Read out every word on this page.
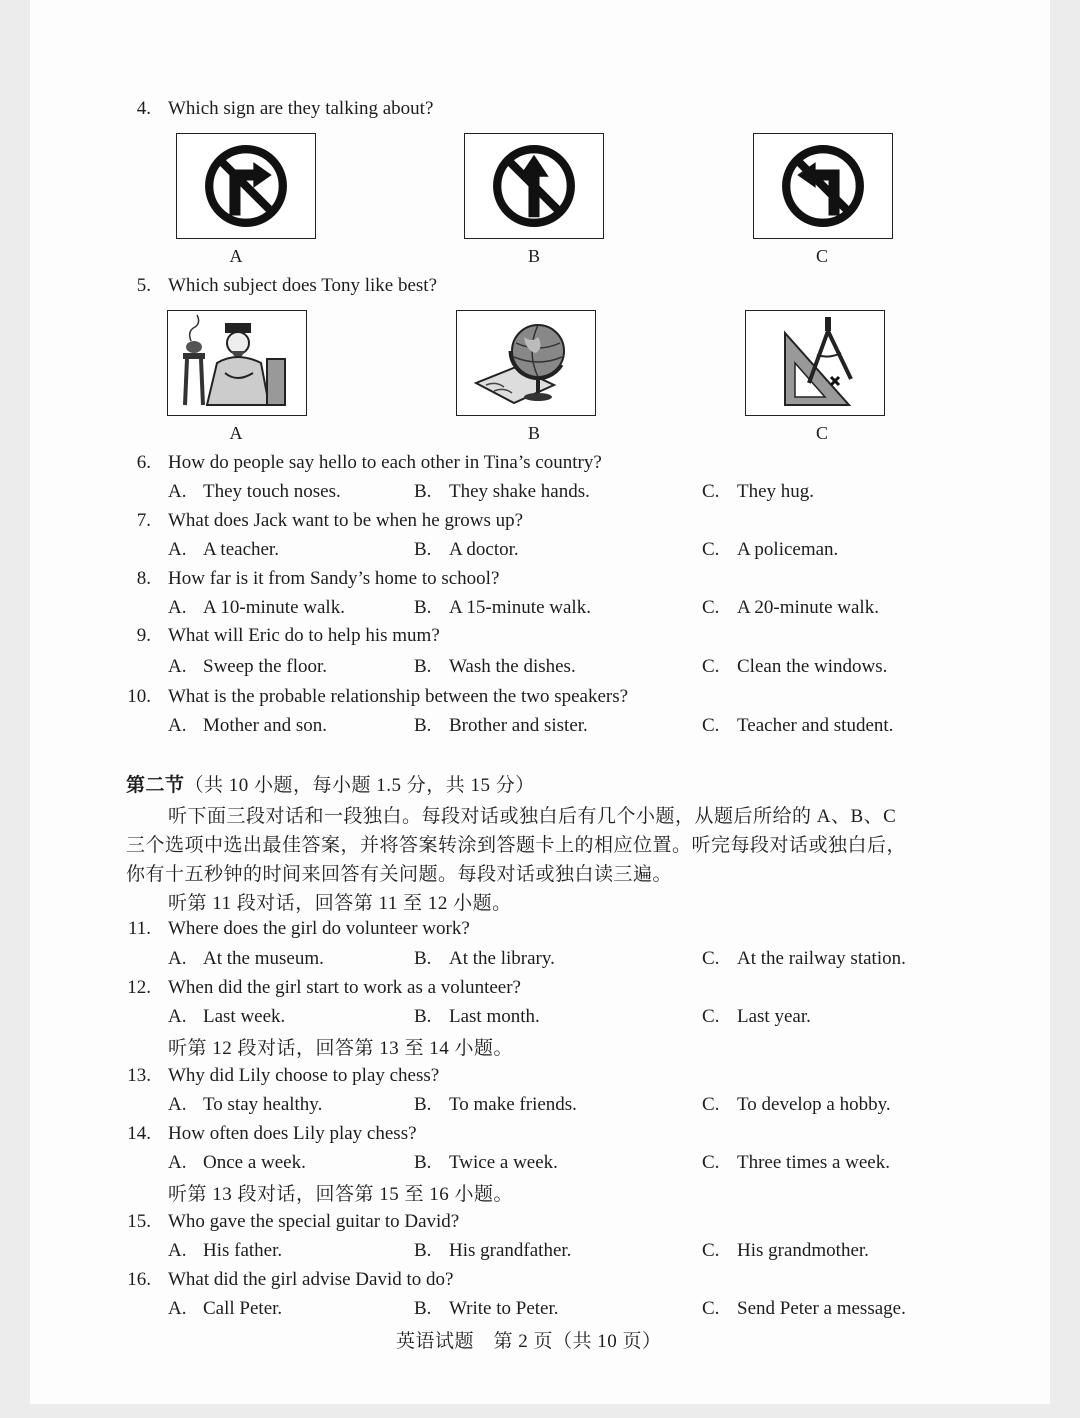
4. Which sign are they talking about?
A	B	C
5. Which subject does Tony like best?
A	B	C
6. How do people say hello to each other in Tina’s country?
A. They touch noses.	B. They shake hands.	C. They hug.
7. What does Jack want to be when he grows up?
A. A teacher.	B. A doctor.	C. A policeman.
8. How far is it from Sandy’s home to school?
A. A 10-minute walk.	B. A 15-minute walk.	C. A 20-minute walk.
9. What will Eric do to help his mum?
A. Sweep the floor.	B. Wash the dishes.	C. Clean the windows.
10. What is the probable relationship between the two speakers?
A. Mother and son.	B. Brother and sister.	C. Teacher and student.
第二节（共 10 小题，每小题 1.5 分，共 15 分）
听下面三段对话和一段独白。每段对话或独白后有几个小题，从题后所给的 A、B、C
三个选项中选出最佳答案，并将答案转涂到答题卡上的相应位置。听完每段对话或独白后，
你有十五秒钟的时间来回答有关问题。每段对话或独白读三遍。
听第 11 段对话，回答第 11 至 12 小题。
11. Where does the girl do volunteer work?
A. At the museum.	B. At the library.	C. At the railway station.
12. When did the girl start to work as a volunteer?
A. Last week.	B. Last month.	C. Last year.
听第 12 段对话，回答第 13 至 14 小题。
13. Why did Lily choose to play chess?
A. To stay healthy.	B. To make friends.	C. To develop a hobby.
14. How often does Lily play chess?
A. Once a week.	B. Twice a week.	C. Three times a week.
听第 13 段对话，回答第 15 至 16 小题。
15. Who gave the special guitar to David?
A. His father.	B. His grandfather.	C. His grandmother.
16. What did the girl advise David to do?
A. Call Peter.	B. Write to Peter.	C. Send Peter a message.
英语试题　第 2 页（共 10 页）
